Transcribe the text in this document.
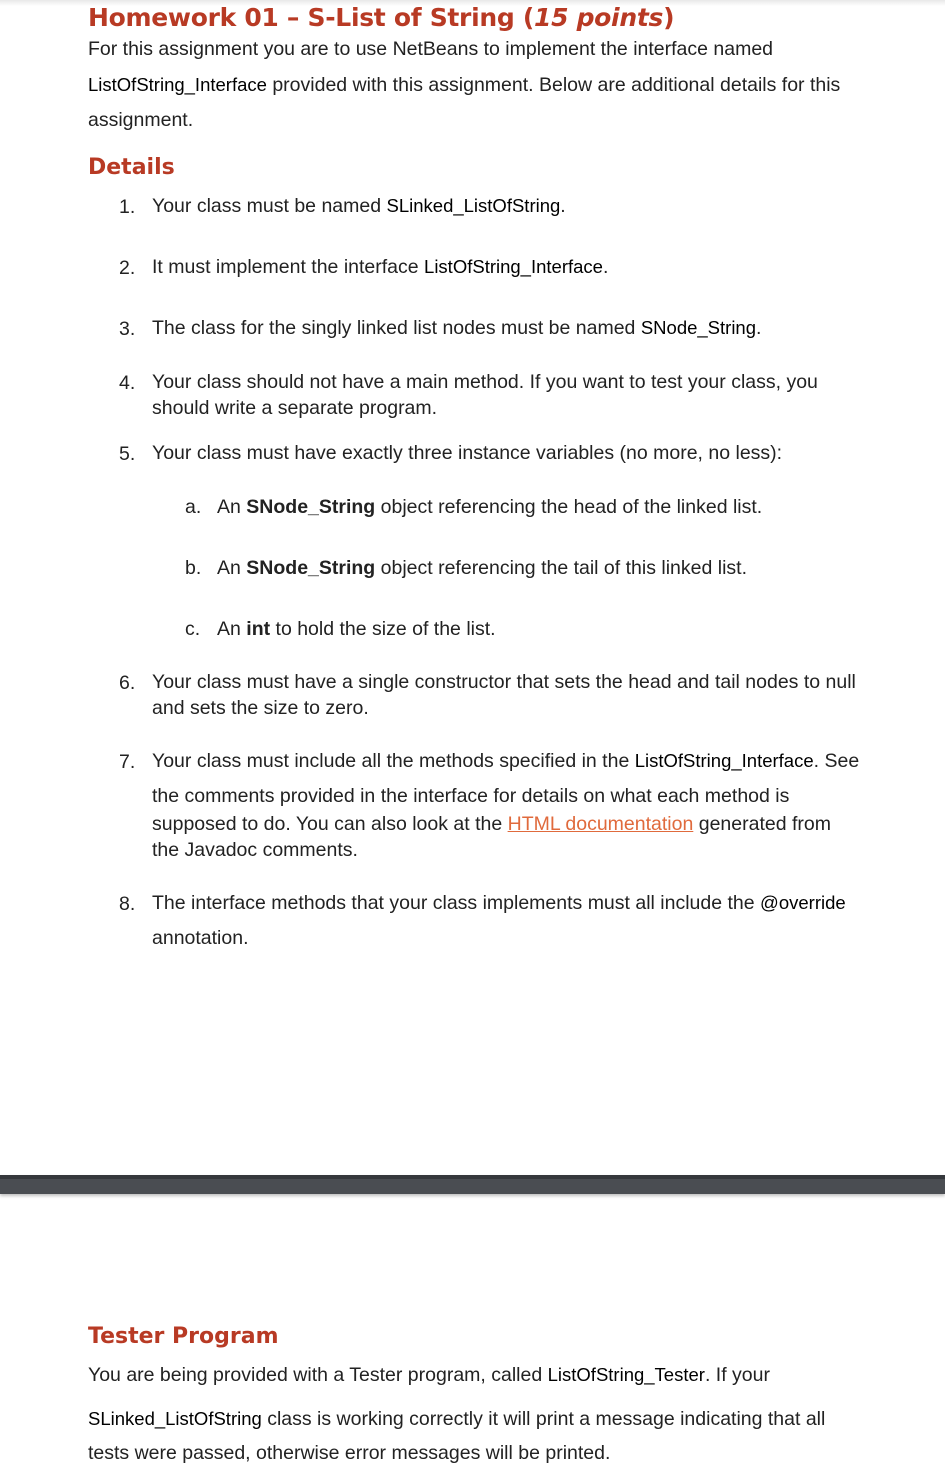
Homework 01 – S-List of String (15 points)

For this assignment you are to use NetBeans to implement the interface named

ListOfString_Interface provided with this assignment. Below are additional details for this

assignment.

Details
1. Your class must be named SLinked_ListOfString.
2. It must implement the interface ListOfString_Interface.
3. The class for the singly linked list nodes must be named SNode_String.
4. Your class should not have a main method. If you want to test your class, you
should write a separate program.
5. Your class must have exactly three instance variables (no more, no less):
a. An SNode_String object referencing the head of the linked list.
b. An SNode_String object referencing the tail of this linked list.
c. An int to hold the size of the list.
6. Your class must have a single constructor that sets the head and tail nodes to null
and sets the size to zero.
7. Your class must include all the methods specified in the ListOfString_Interface. See
the comments provided in the interface for details on what each method is
supposed to do. You can also look at the HTML documentation generated from
the Javadoc comments.
8. The interface methods that your class implements must all include the @override
annotation.
Tester Program

You are being provided with a Tester program, called ListOfString_Tester. If your

SLinked_ListOfString class is working correctly it will print a message indicating that all

tests were passed, otherwise error messages will be printed.
